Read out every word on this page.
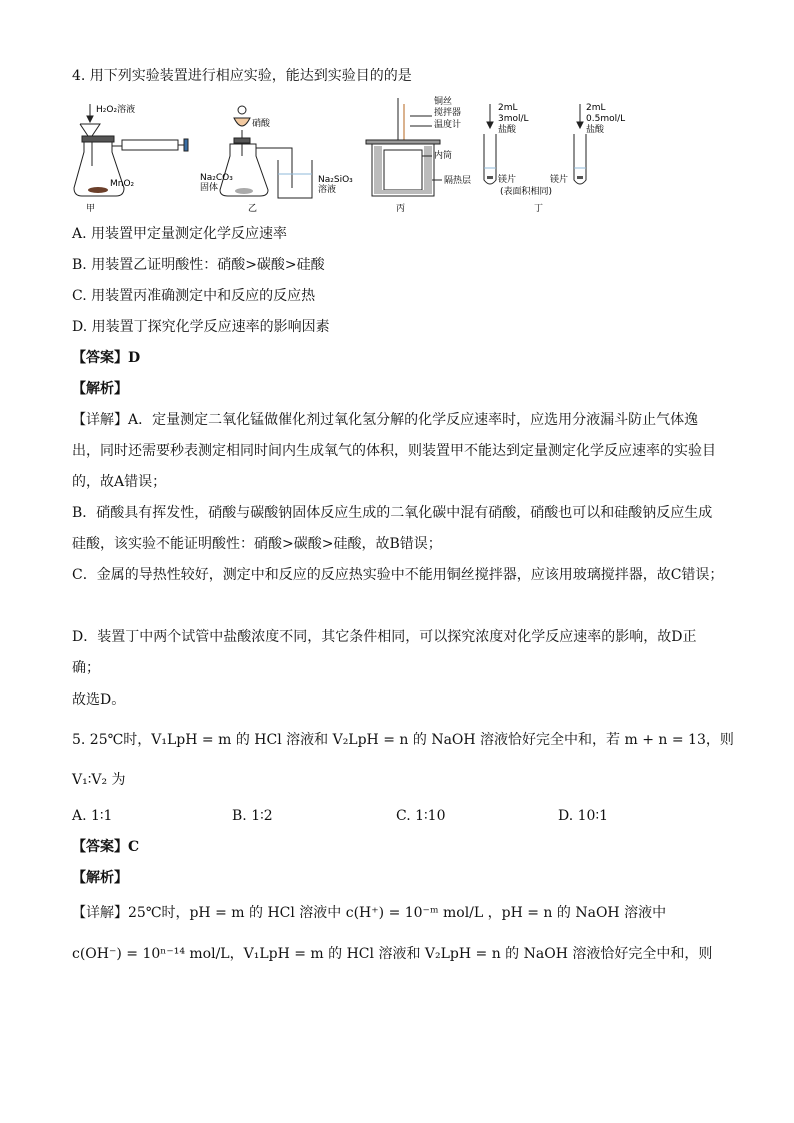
4. 用下列实验装置进行相应实验，能达到实验目的的是
H₂O₂溶液
MnO₂
甲
硝酸
Na₂CO₃
固体
Na₂SiO₃
溶液
乙
铜丝
搅拌器
温度计
内筒
隔热层
丙
2mL
3mol/L
盐酸
2mL
0.5mol/L
盐酸
镁片	镁片
(表面积相同)
丁
A. 用装置甲定量测定化学反应速率
B. 用装置乙证明酸性：硝酸>碳酸>硅酸
C. 用装置丙准确测定中和反应的反应热
D. 用装置丁探究化学反应速率的影响因素
【答案】D
【解析】
【详解】A．定量测定二氧化锰做催化剂过氧化氢分解的化学反应速率时，应选用分液漏斗防止气体逸出，同时还需要秒表测定相同时间内生成氧气的体积，则装置甲不能达到定量测定化学反应速率的实验目的，故A错误；
B．硝酸具有挥发性，硝酸与碳酸钠固体反应生成的二氧化碳中混有硝酸，硝酸也可以和硅酸钠反应生成硅酸，该实验不能证明酸性：硝酸>碳酸>硅酸，故B错误；
C．金属的导热性较好，测定中和反应的反应热实验中不能用铜丝搅拌器，应该用玻璃搅拌器，故C错误；
D．装置丁中两个试管中盐酸浓度不同，其它条件相同，可以探究浓度对化学反应速率的影响，故D正确；
故选D。
5. 25℃时，V₁LpH = m 的 HCl 溶液和 V₂LpH = n 的 NaOH 溶液恰好完全中和，若 m + n = 13，则
V₁∶V₂ 为
A. 1∶1	B. 1∶2	C. 1∶10	D. 10∶1
【答案】C
【解析】
【详解】25℃时，pH = m 的 HCl 溶液中 c(H⁺) = 10⁻ᵐ mol/L ，pH = n 的 NaOH 溶液中
c(OH⁻) = 10ⁿ⁻¹⁴ mol/L，V₁LpH = m 的 HCl 溶液和 V₂LpH = n 的 NaOH 溶液恰好完全中和，则
